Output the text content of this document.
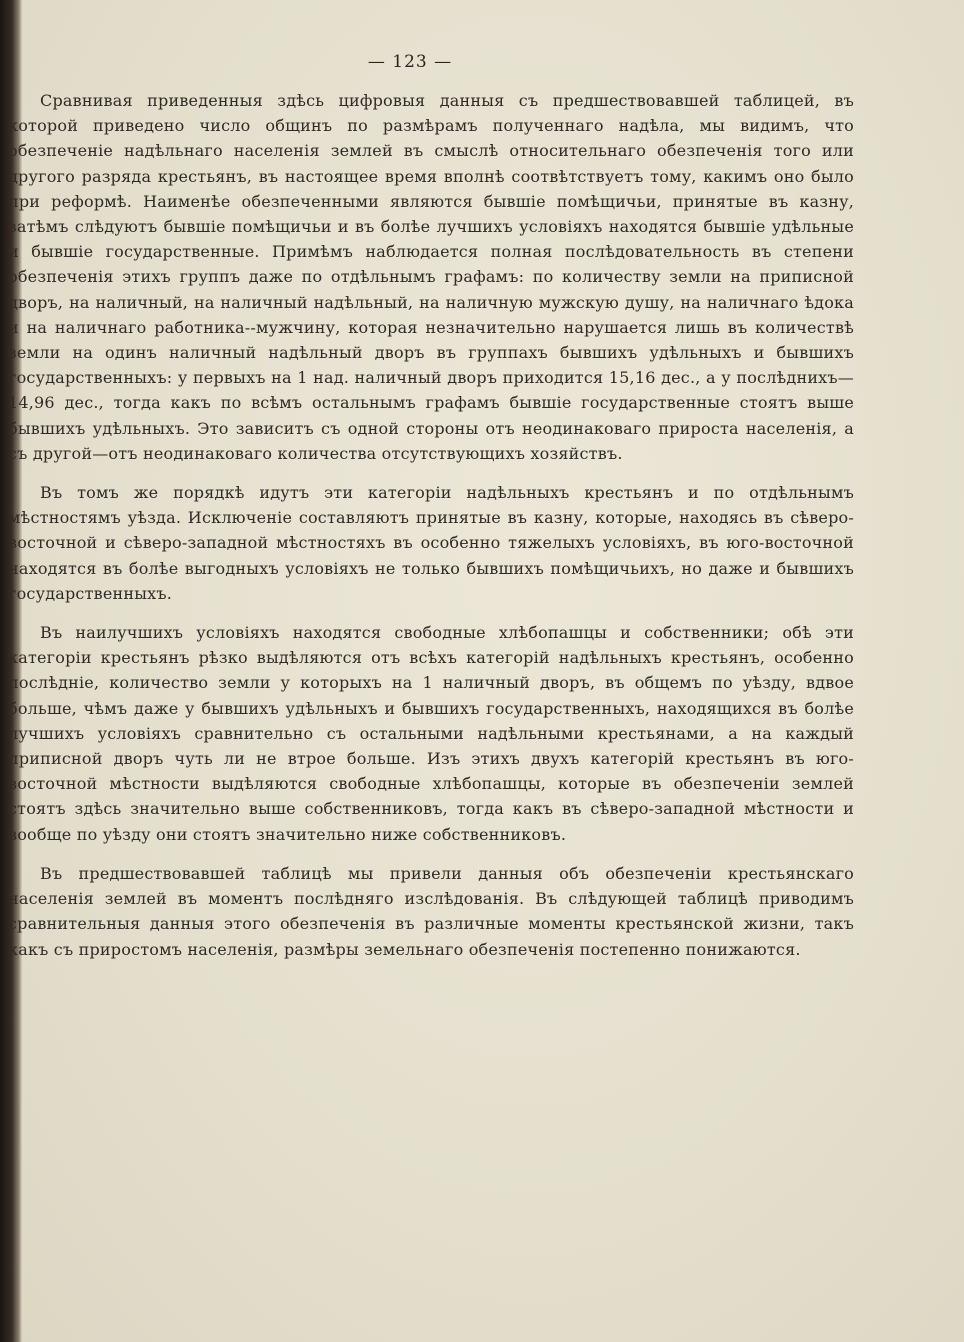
— 123 —

Сравнивая приведенныя здѣсь цифровыя данныя съ предшествовавшей таблицей, въ которой приведено число общинъ по размѣрамъ полученнаго надѣла, мы видимъ, что обезпеченіе надѣльнаго населенія землей въ смыслѣ относительнаго обезпеченія того или другого разряда крестьянъ, въ настоящее время вполнѣ соотвѣтствуетъ тому, какимъ оно было при реформѣ. Наименѣе обезпеченными являются бывшіе помѣщичьи, принятые въ казну, затѣмъ слѣдуютъ бывшіе помѣщичьи и въ болѣе лучшихъ условіяхъ находятся бывшіе удѣльные и бывшіе государственные. Примѣмъ наблюдается полная послѣдовательность въ степени обезпеченія этихъ группъ даже по отдѣльнымъ графамъ: по количеству земли на приписной дворъ, на наличный, на наличный надѣльный, на наличную мужскую душу, на наличнаго ѣдока и на наличнаго работника--мужчину, которая незначительно нарушается лишь въ количествѣ земли на одинъ наличный надѣльный дворъ въ группахъ бывшихъ удѣльныхъ и бывшихъ государственныхъ: у первыхъ на 1 над. наличный дворъ приходится 15,16 дес., а у послѣднихъ—14,96 дес., тогда какъ по всѣмъ остальнымъ графамъ бывшіе государственные стоятъ выше бывшихъ удѣльныхъ. Это зависитъ съ одной стороны отъ неодинаковаго прироста населенія, а съ другой—отъ неодинаковаго количества отсутствующихъ хозяйствъ.

Въ томъ же порядкѣ идутъ эти категоріи надѣльныхъ крестьянъ и по отдѣльнымъ мѣстностямъ уѣзда. Исключеніе составляютъ принятые въ казну, которые, находясь въ сѣверо-восточной и сѣверо-западной мѣстностяхъ въ особенно тяжелыхъ условіяхъ, въ юго-восточной находятся въ болѣе выгодныхъ условіяхъ не только бывшихъ помѣщичьихъ, но даже и бывшихъ государственныхъ.

Въ наилучшихъ условіяхъ находятся свободные хлѣбопашцы и собственники; обѣ эти категоріи крестьянъ рѣзко выдѣляются отъ всѣхъ категорій надѣльныхъ крестьянъ, особенно послѣдніе, количество земли у которыхъ на 1 наличный дворъ, въ общемъ по уѣзду, вдвое больше, чѣмъ даже у бывшихъ удѣльныхъ и бывшихъ государственныхъ, находящихся въ болѣе лучшихъ условіяхъ сравнительно съ остальными надѣльными крестьянами, а на каждый приписной дворъ чуть ли не втрое больше. Изъ этихъ двухъ категорій крестьянъ въ юго-восточной мѣстности выдѣляются свободные хлѣбопашцы, которые въ обезпеченіи землей стоятъ здѣсь значительно выше собственниковъ, тогда какъ въ сѣверо-западной мѣстности и вообще по уѣзду они стоятъ значительно ниже собственниковъ.

Въ предшествовавшей таблицѣ мы привели данныя объ обезпеченіи крестьянскаго населенія землей въ моментъ послѣдняго изслѣдованія. Въ слѣдующей таблицѣ приводимъ сравнительныя данныя этого обезпеченія въ различные моменты крестьянской жизни, такъ какъ съ приростомъ населенія, размѣры земельнаго обезпеченія постепенно понижаются.
